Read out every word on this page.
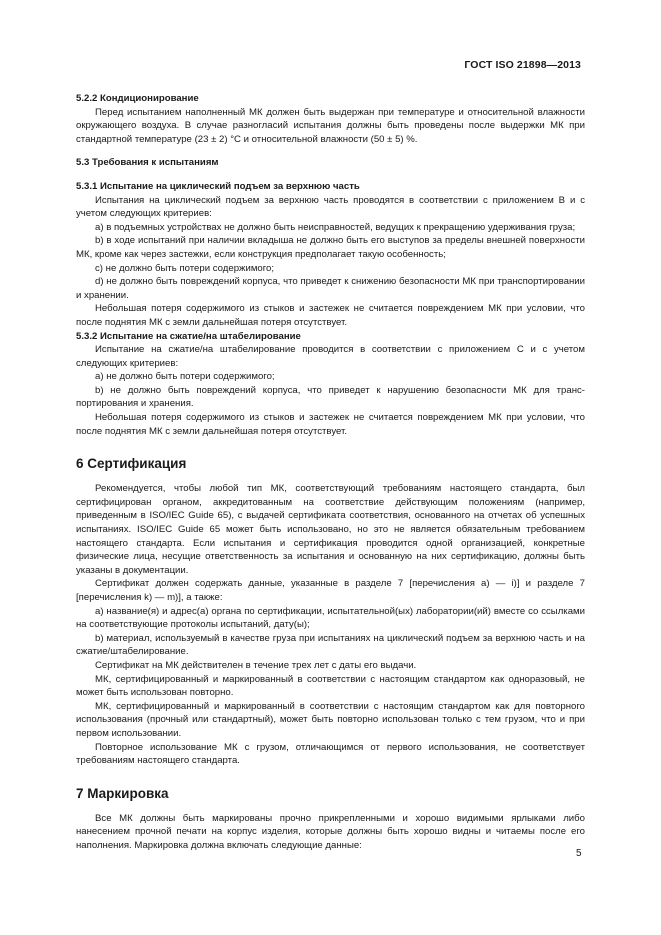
ГОСТ ISO 21898—2013

5.2.2 Кондиционирование

Перед испытанием наполненный МК должен быть выдержан при температуре и относительной влажности окружающего воздуха. В случае разногласий испытания должны быть проведены после выдержки МК при стандартной температуре (23 ± 2) °С и относительной влажности (50 ± 5) %.

5.3 Требования к испытаниям

5.3.1 Испытание на циклический подъем за верхнюю часть

Испытания на циклический подъем за верхнюю часть проводятся в соответствии с приложением В и с учетом следующих критериев:

a) в подъемных устройствах не должно быть неисправностей, ведущих к прекращению удерживания груза;

b) в ходе испытаний при наличии вкладыша не должно быть его выступов за пределы внешней поверхности МК, кроме как через застежки, если конструкция предполагает такую особенность;

c) не должно быть потери содержимого;

d) не должно быть повреждений корпуса, что приведет к снижению безопасности МК при транспортировании и хранении.

Небольшая потеря содержимого из стыков и застежек не считается повреждением МК при условии, что после поднятия МК с земли дальнейшая потеря отсутствует.

5.3.2 Испытание на сжатие/на штабелирование

Испытание на сжатие/на штабелирование проводится в соответствии с приложением С и с учетом следующих критериев:

a) не должно быть потери содержимого;

b) не должно быть повреждений корпуса, что приведет к нарушению безопасности МК для транспортирования и хранения.

Небольшая потеря содержимого из стыков и застежек не считается повреждением МК при условии, что после поднятия МК с земли дальнейшая потеря отсутствует.

6 Сертификация

Рекомендуется, чтобы любой тип МК, соответствующий требованиям настоящего стандарта, был сертифицирован органом, аккредитованным на соответствие действующим положениям (например, приведенным в ISO/IEC Guide 65), с выдачей сертификата соответствия, основанного на отчетах об успешных испытаниях. ISO/IEC Guide 65 может быть использовано, но это не является обязательным требованием настоящего стандарта. Если испытания и сертификация проводится одной организацией, конкретные физические лица, несущие ответственность за испытания и основанную на них сертификацию, должны быть указаны в документации.

Сертификат должен содержать данные, указанные в разделе 7 [перечисления а) — i)] и разделе 7 [перечисления k) — m)], а также:

a) название(я) и адрес(а) органа по сертификации, испытательной(ых) лаборатории(ий) вместе со ссылками на соответствующие протоколы испытаний, дату(ы);

b) материал, используемый в качестве груза при испытаниях на циклический подъем за верхнюю часть и на сжатие/штабелирование.

Сертификат на МК действителен в течение трех лет с даты его выдачи.

МК, сертифицированный и маркированный в соответствии с настоящим стандартом как одноразовый, не может быть использован повторно.

МК, сертифицированный и маркированный в соответствии с настоящим стандартом как для повторного использования (прочный или стандартный), может быть повторно использован только с тем грузом, что и при первом использовании.

Повторное использование МК с грузом, отличающимся от первого использования, не соответствует требованиям настоящего стандарта.

7 Маркировка

Все МК должны быть маркированы прочно прикрепленными и хорошо видимыми ярлыками либо нанесением прочной печати на корпус изделия, которые должны быть хорошо видны и читаемы после его наполнения. Маркировка должна включать следующие данные:

5
